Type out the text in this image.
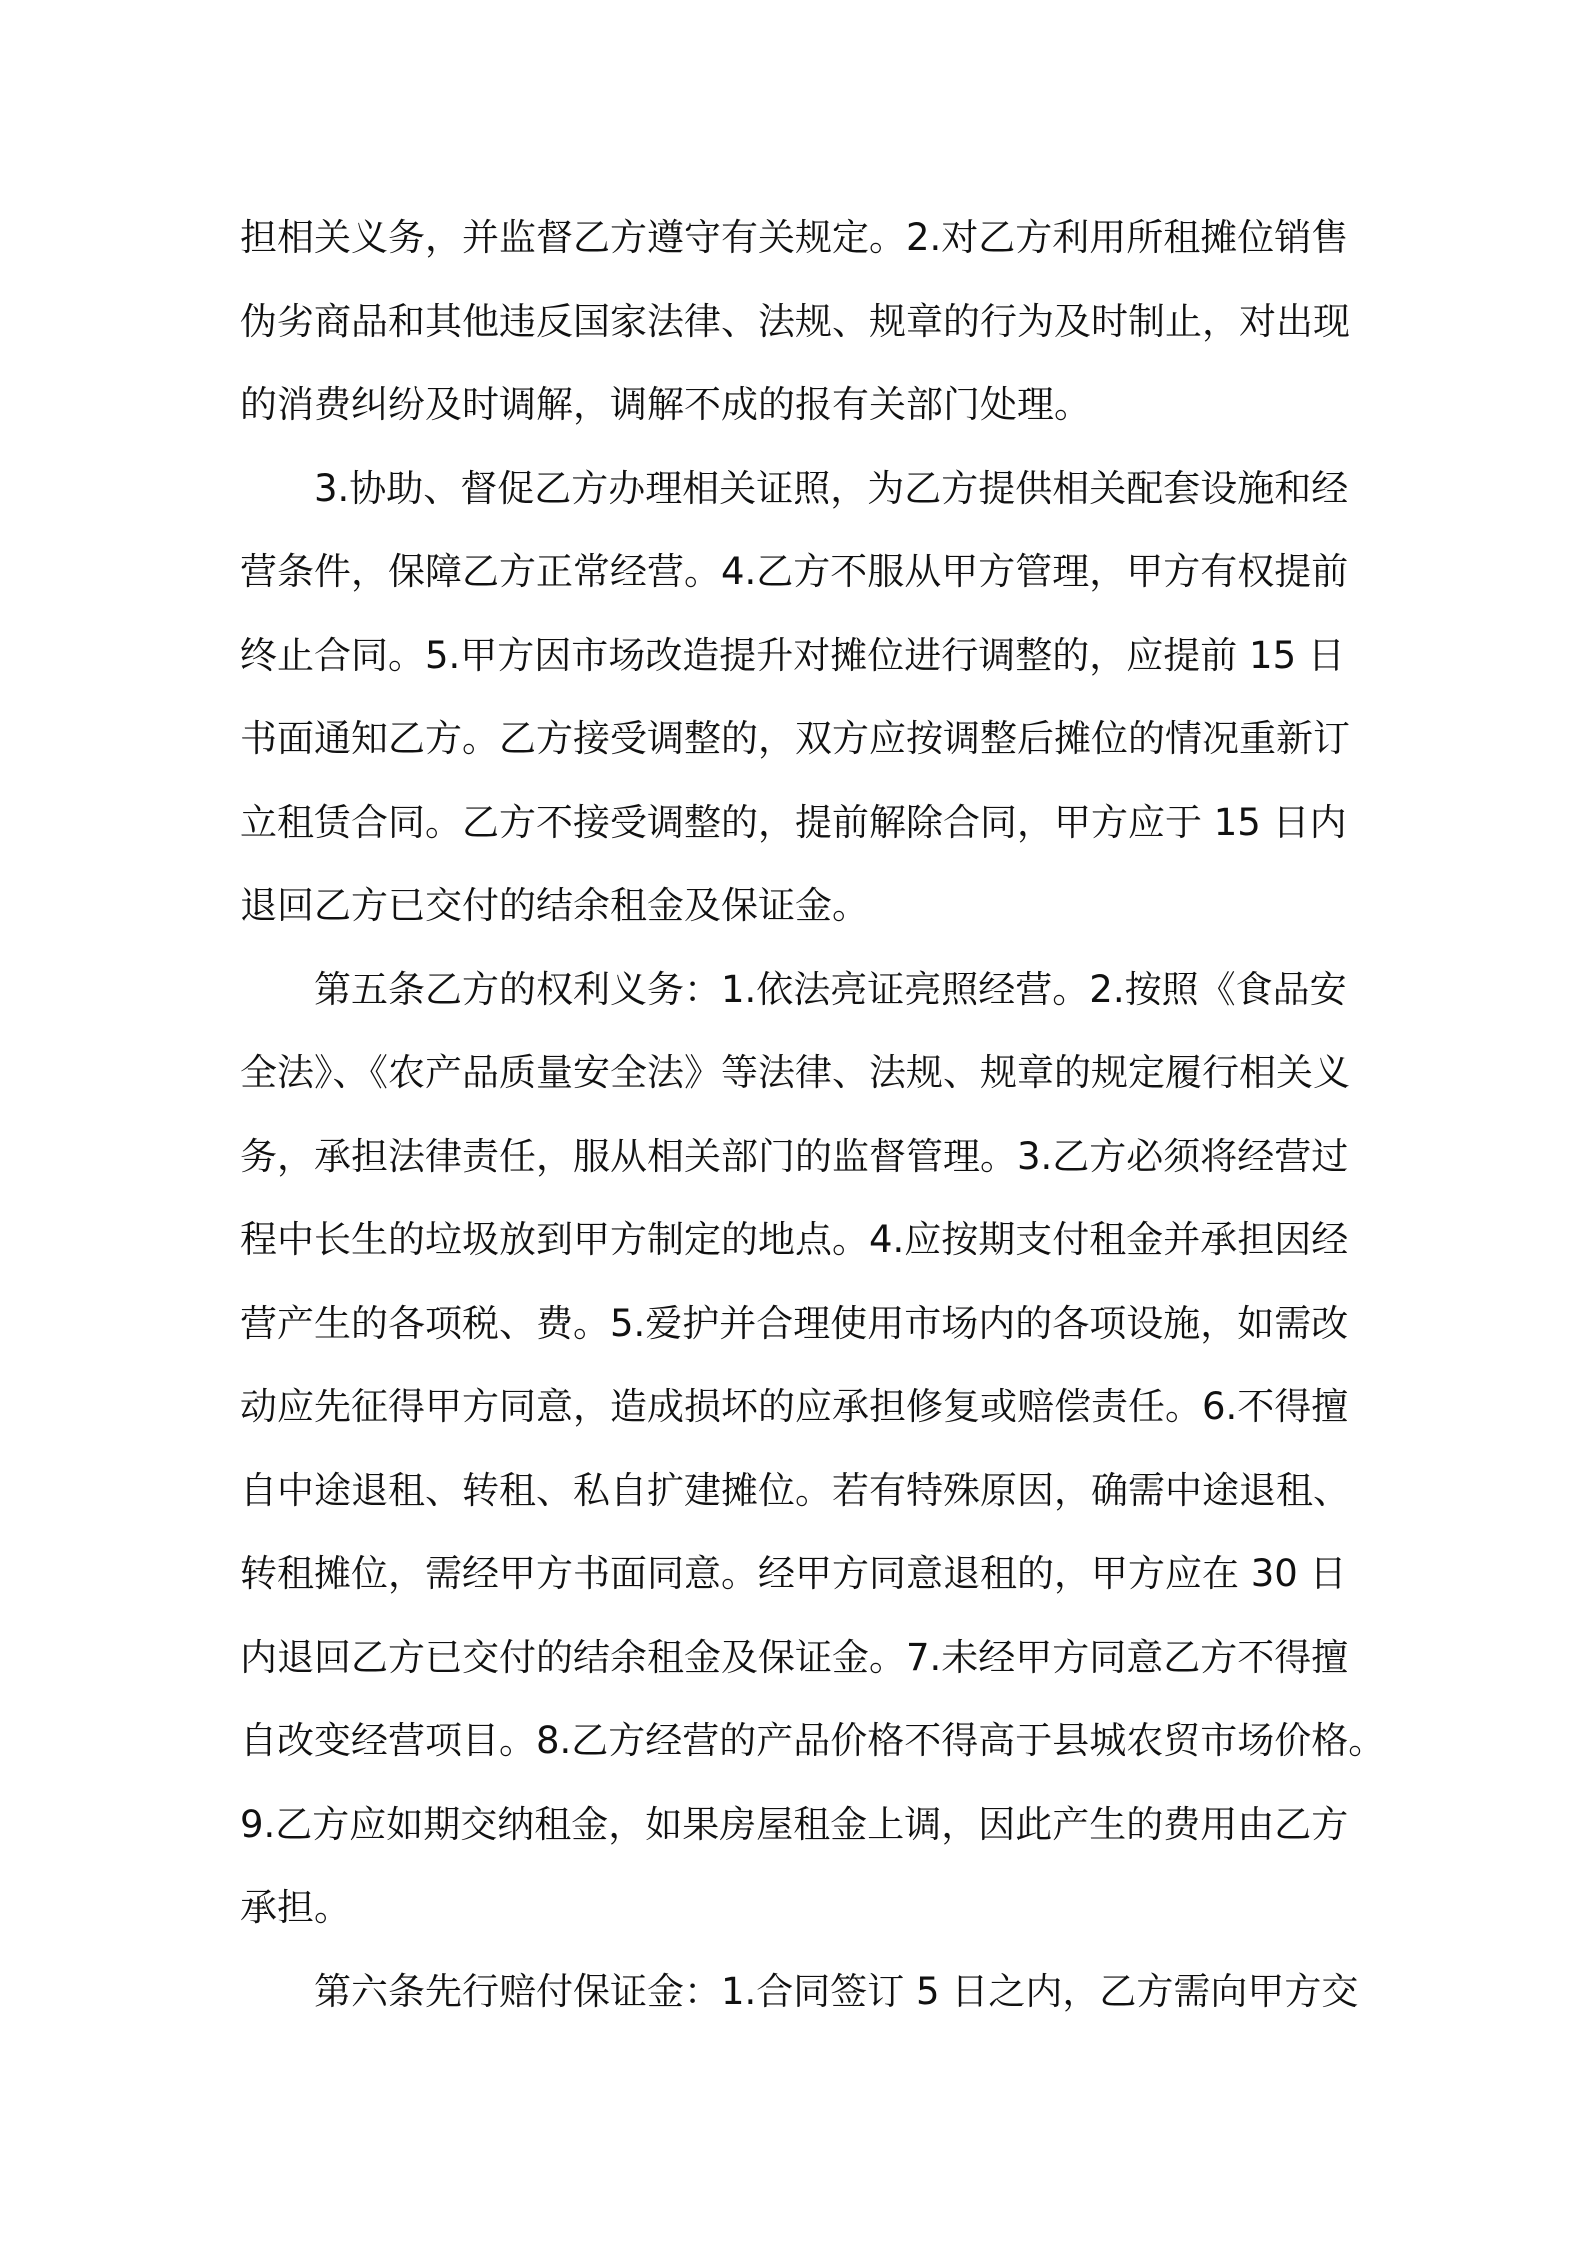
担相关义务，并监督乙方遵守有关规定。2.对乙方利用所租摊位销售
伪劣商品和其他违反国家法律、法规、规章的行为及时制止，对出现
的消费纠纷及时调解，调解不成的报有关部门处理。
3.协助、督促乙方办理相关证照，为乙方提供相关配套设施和经
营条件，保障乙方正常经营。4.乙方不服从甲方管理，甲方有权提前
终止合同。5.甲方因市场改造提升对摊位进行调整的，应提前 15 日
书面通知乙方。乙方接受调整的，双方应按调整后摊位的情况重新订
立租赁合同。乙方不接受调整的，提前解除合同，甲方应于 15 日内
退回乙方已交付的结余租金及保证金。
第五条乙方的权利义务：1.依法亮证亮照经营。2.按照《食品安
全法》、《农产品质量安全法》等法律、法规、规章的规定履行相关义
务，承担法律责任，服从相关部门的监督管理。3.乙方必须将经营过
程中长生的垃圾放到甲方制定的地点。4.应按期支付租金并承担因经
营产生的各项税、费。5.爱护并合理使用市场内的各项设施，如需改
动应先征得甲方同意，造成损坏的应承担修复或赔偿责任。6.不得擅
自中途退租、转租、私自扩建摊位。若有特殊原因，确需中途退租、
转租摊位，需经甲方书面同意。经甲方同意退租的，甲方应在 30 日
内退回乙方已交付的结余租金及保证金。7.未经甲方同意乙方不得擅
自改变经营项目。8.乙方经营的产品价格不得高于县城农贸市场价格。
9.乙方应如期交纳租金，如果房屋租金上调，因此产生的费用由乙方
承担。
第六条先行赔付保证金：1.合同签订 5 日之内，乙方需向甲方交
